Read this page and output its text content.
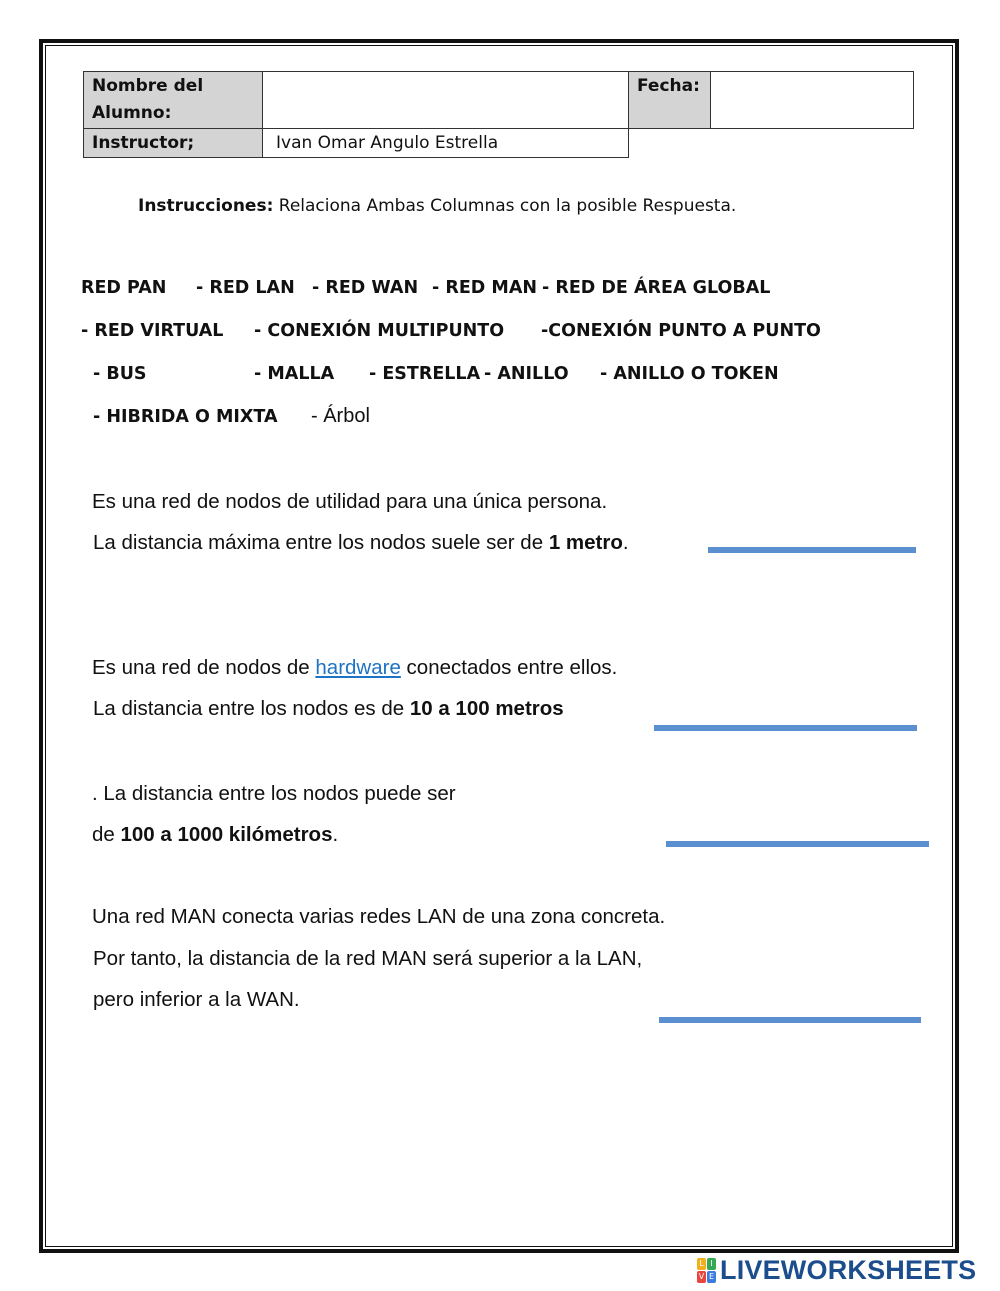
Nombre del Alumno:		Fecha:	
Instructor;	Ivan Omar Angulo Estrella		
Instrucciones: Relaciona Ambas Columnas con la posible Respuesta.
RED PAN - RED LAN - RED WAN - RED MAN - RED DE ÁREA GLOBAL
- RED VIRTUAL - CONEXIÓN MULTIPUNTO -CONEXIÓN PUNTO A PUNTO
- BUS	- MALLA - ESTRELLA - ANILLO - ANILLO O TOKEN
- HIBRIDA O MIXTA - Árbol
Es una red de nodos de utilidad para una única persona.
La distancia máxima entre los nodos suele ser de 1 metro.
Es una red de nodos de hardware conectados entre ellos.
La distancia entre los nodos es de 10 a 100 metros
. La distancia entre los nodos puede ser
de 100 a 1000 kilómetros.
Una red MAN conecta varias redes LAN de una zona concreta.
Por tanto, la distancia de la red MAN será superior a la LAN,
pero inferior a la WAN.
L I
V E LIVEWORKSHEETS
